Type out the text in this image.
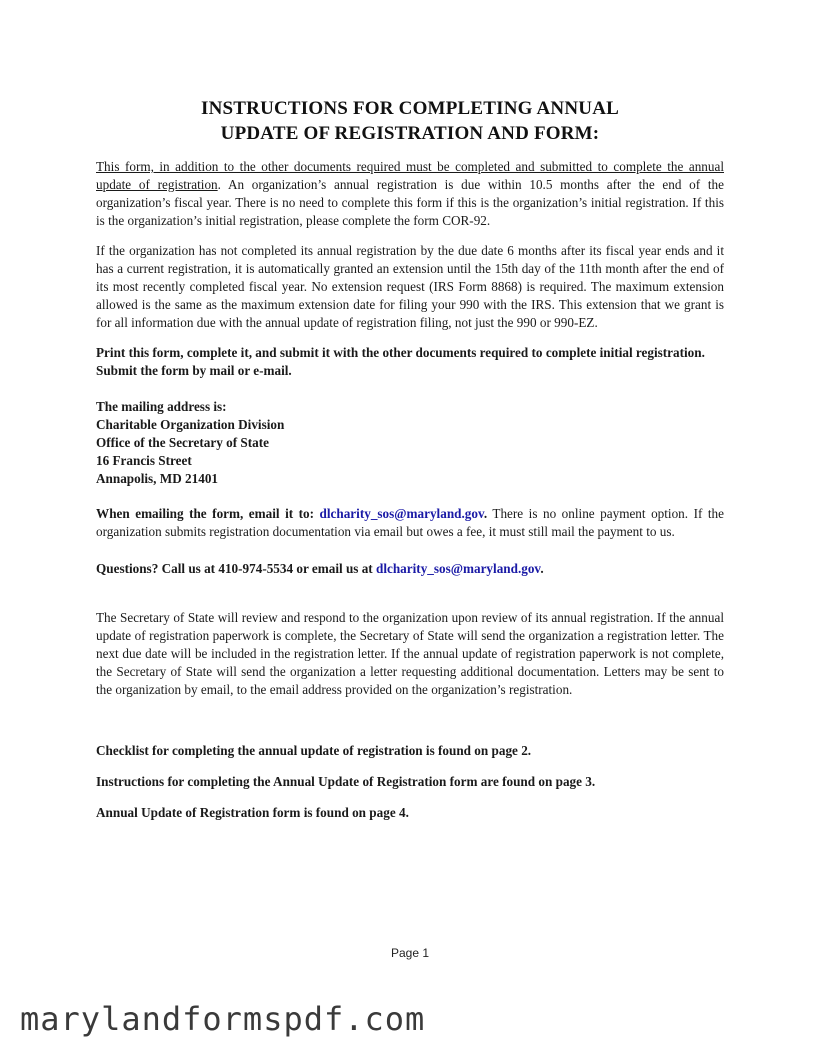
INSTRUCTIONS FOR COMPLETING ANNUAL
UPDATE OF REGISTRATION AND FORM:

This form, in addition to the other documents required must be completed and submitted to complete the annual update of registration. An organization’s annual registration is due within 10.5 months after the end of the organization’s fiscal year. There is no need to complete this form if this is the organization’s initial registration. If this is the organization’s initial registration, please complete the form COR-92.

If the organization has not completed its annual registration by the due date 6 months after its fiscal year ends and it has a current registration, it is automatically granted an extension until the 15th day of the 11th month after the end of its most recently completed fiscal year. No extension request (IRS Form 8868) is required. The maximum extension allowed is the same as the maximum extension date for filing your 990 with the IRS. This extension that we grant is for all information due with the annual update of registration filing, not just the 990 or 990-EZ.

Print this form, complete it, and submit it with the other documents required to complete initial registration. Submit the form by mail or e-mail.

The mailing address is:
Charitable Organization Division
Office of the Secretary of State
16 Francis Street
Annapolis, MD 21401

When emailing the form, email it to: dlcharity_sos@maryland.gov. There is no online payment option. If the organization submits registration documentation via email but owes a fee, it must still mail the payment to us.

Questions? Call us at 410-974-5534 or email us at dlcharity_sos@maryland.gov.

The Secretary of State will review and respond to the organization upon review of its annual registration. If the annual update of registration paperwork is complete, the Secretary of State will send the organization a registration letter. The next due date will be included in the registration letter. If the annual update of registration paperwork is not complete, the Secretary of State will send the organization a letter requesting additional documentation. Letters may be sent to the organization by email, to the email address provided on the organization’s registration.

Checklist for completing the annual update of registration is found on page 2.

Instructions for completing the Annual Update of Registration form are found on page 3.

Annual Update of Registration form is found on page 4.

Page 1
marylandformspdf.com
